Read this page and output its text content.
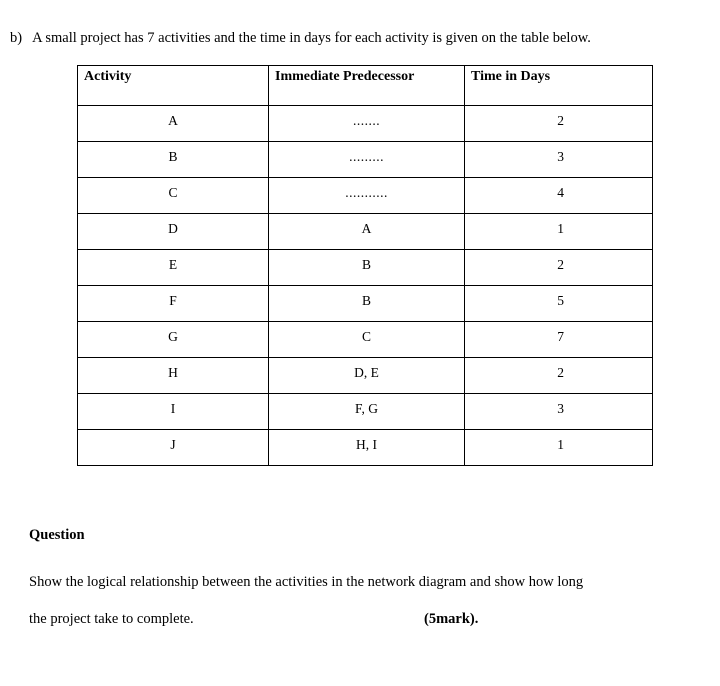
b) A small project has 7 activities and the time in days for each activity is given on the table below.
Activity	Immediate Predecessor	Time in Days
A	.......	2
B	.........	3
C	...........	4
D	A	1
E	B	2
F	B	5
G	C	7
H	D, E	2
I	F, G	3
J	H, I	1
Question
Show the logical relationship between the activities in the network diagram and show how long
the project take to complete.	(5mark).
